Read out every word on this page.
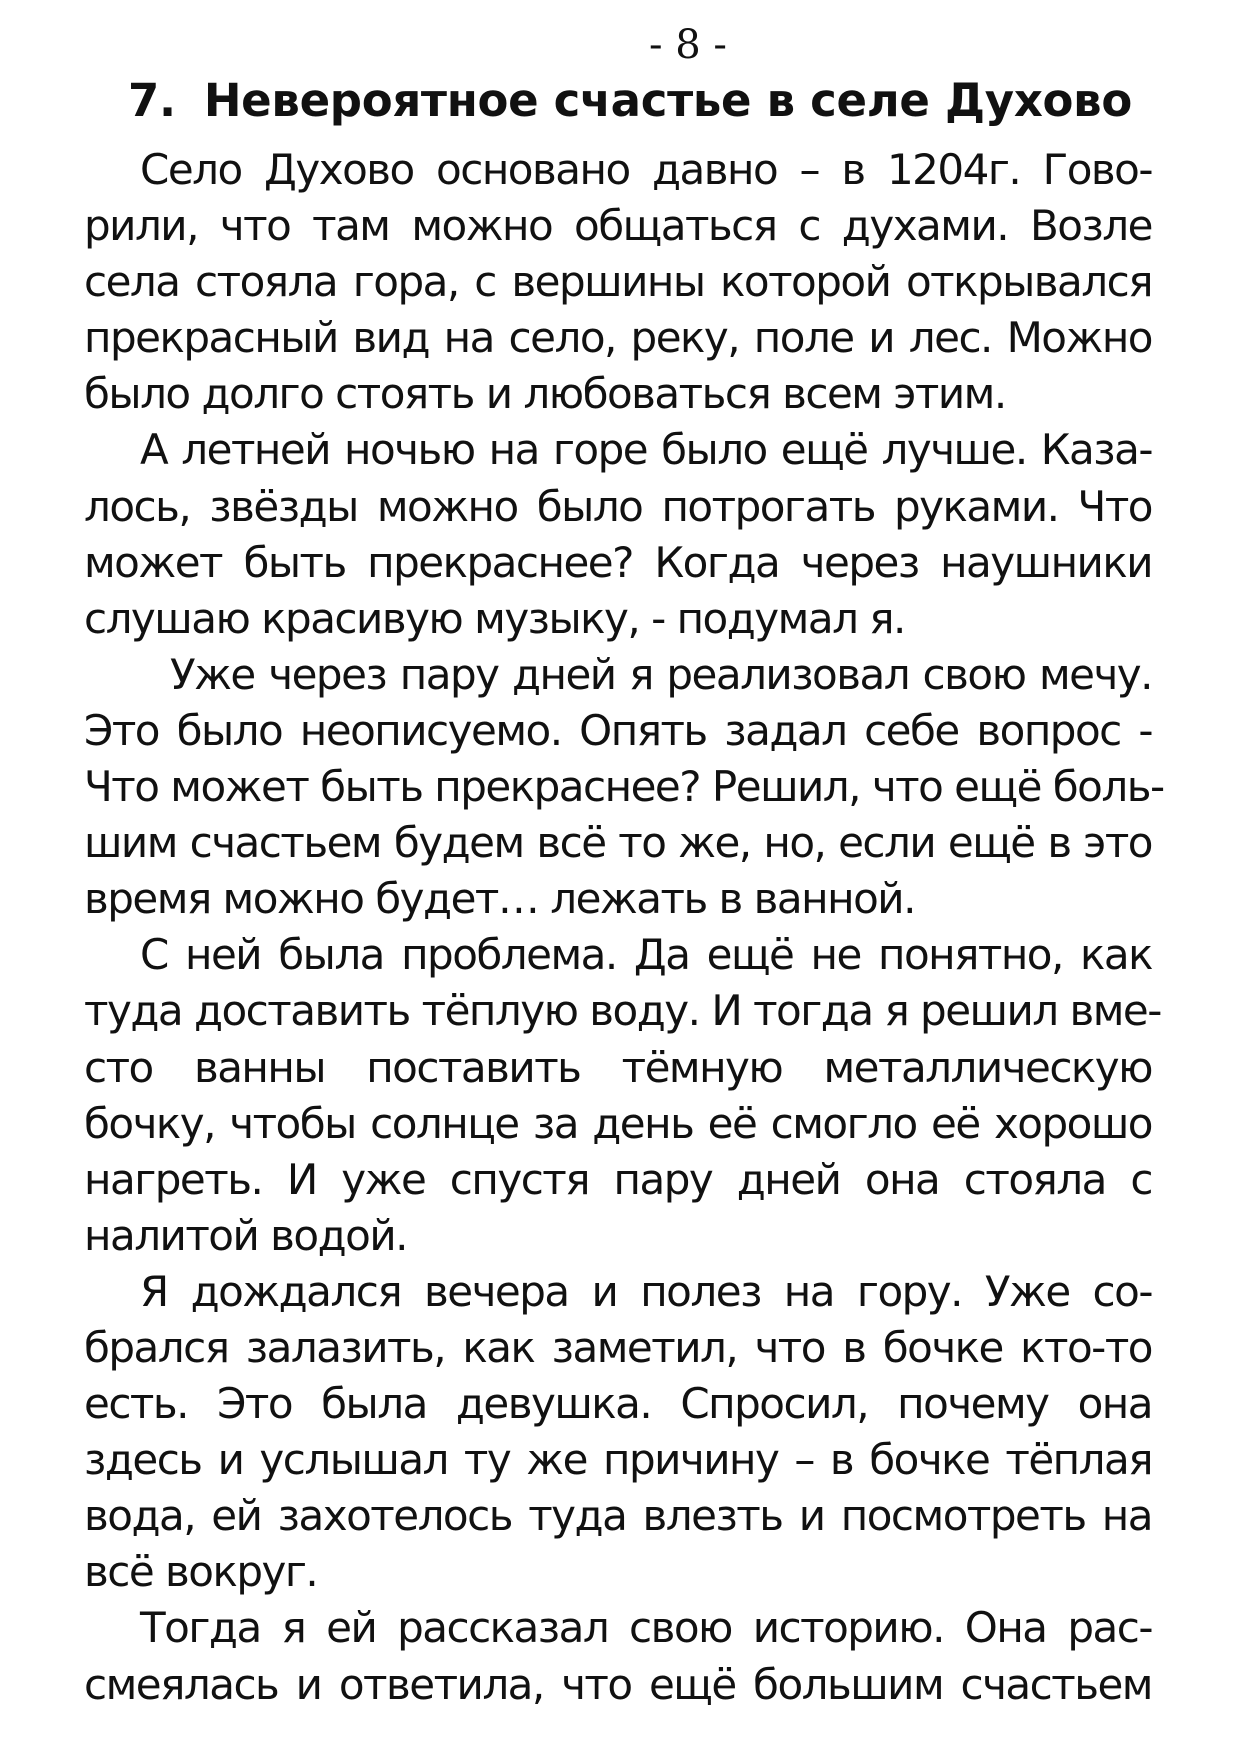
- 8 -
7. Невероятное счастье в селе Духово
Село Духово основано давно – в 1204г. Гово-
рили, что там можно общаться с духами. Возле
села стояла гора, с вершины которой открывался
прекрасный вид на село, реку, поле и лес. Можно
было долго стоять и любоваться всем этим.
А летней ночью на горе было ещё лучше. Каза-
лось, звёзды можно было потрогать руками. Что
может быть прекраснее? Когда через наушники
слушаю красивую музыку, - подумал я.
Уже через пару дней я реализовал свою мечу.
Это было неописуемо. Опять задал себе вопрос -
Что может быть прекраснее? Решил, что ещё боль-
шим счастьем будем всё то же, но, если ещё в это
время можно будет… лежать в ванной.
С ней была проблема. Да ещё не понятно, как
туда доставить тёплую воду. И тогда я решил вме-
сто ванны поставить тёмную металлическую
бочку, чтобы солнце за день её смогло её хорошо
нагреть. И уже спустя пару дней она стояла с
налитой водой.
Я дождался вечера и полез на гору. Уже со-
брался залазить, как заметил, что в бочке кто-то
есть. Это была девушка. Спросил, почему она
здесь и услышал ту же причину – в бочке тёплая
вода, ей захотелось туда влезть и посмотреть на
всё вокруг.
Тогда я ей рассказал свою историю. Она рас-
смеялась и ответила, что ещё большим счастьем
